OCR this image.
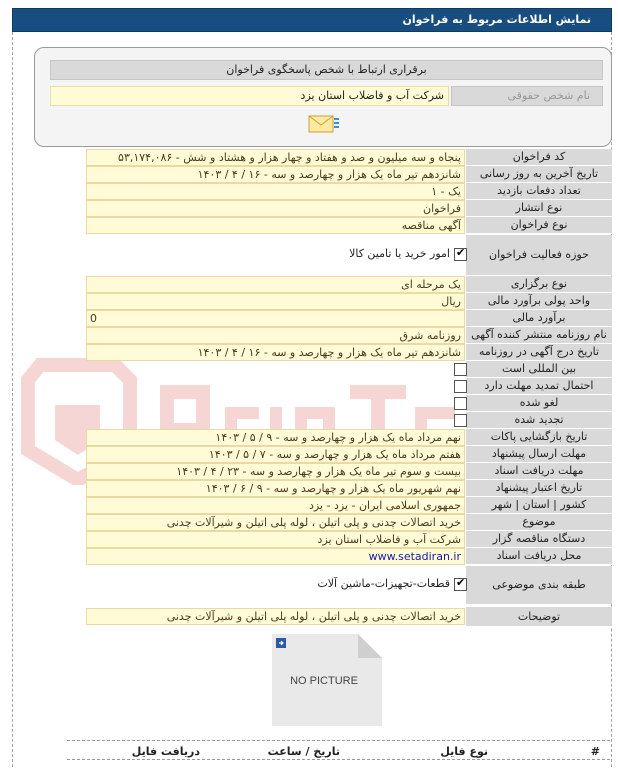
نمایش اطلاعات مربوط به فراخوان
برقراری ارتباط با شخص پاسخگوی فراخوان
نام شخص حقوقی
شرکت آب و فاضلاب استان یزد
کد فراخوان
۵۳,۱۷۴,۰۸۶ - پنجاه و سه میلیون و صد و هفتاد و چهار هزار و هشتاد و شش
تاریخ آخرین به روز رسانی
۱۴۰۳ / ۴ / ۱۶ - شانزدهم تیر ماه یک هزار و چهارصد و سه
تعداد دفعات بازدید
۱ - یک
نوع انتشار
فراخوان
نوع فراخوان
آگهی مناقصه
حوزه فعالیت فراخوان
✔
امور خرید یا تامین کالا
نوع برگزاری
یک مرحله ای
واحد پولی برآورد مالی
ریال
برآورد مالی
0
نام روزنامه منتشر کننده آگهی
روزنامه شرق
تاریخ درج آگهی در روزنامه
۱۴۰۳ / ۴ / ۱۶ - شانزدهم تیر ماه یک هزار و چهارصد و سه
بین المللی است
احتمال تمدید مهلت دارد
لغو شده
تجدید شده
تاریخ بازگشایی پاکات
۱۴۰۳ / ۵ / ۹ - نهم مرداد ماه یک هزار و چهارصد و سه
مهلت ارسال پیشنهاد
۱۴۰۳ / ۵ / ۷ - هفتم مرداد ماه یک هزار و چهارصد و سه
مهلت دریافت اسناد
۱۴۰۳ / ۴ / ۲۳ - بیست و سوم تیر ماه یک هزار و چهارصد و سه
تاریخ اعتبار پیشنهاد
۱۴۰۳ / ۶ / ۹ - نهم شهریور ماه یک هزار و چهارصد و سه
کشور | استان | شهر
جمهوری اسلامی ایران - یزد - یزد
موضوع
خرید اتصالات چدنی و پلی اتیلن ، لوله پلی اتیلن و شیرآلات چدنی
دستگاه مناقصه گزار
شرکت آب و فاضلاب استان یزد
محل دریافت اسناد
www.setadiran.ir
طبقه بندی موضوعی
✔
قطعات-تجهیزات-ماشین آلات
توضیحات
خرید اتصالات چدنی و پلی اتیلن ، لوله پلی اتیلن و شیرآلات چدنی
NO PICTURE
#
نوع فایل
تاریخ / ساعت
دریافت فایل
